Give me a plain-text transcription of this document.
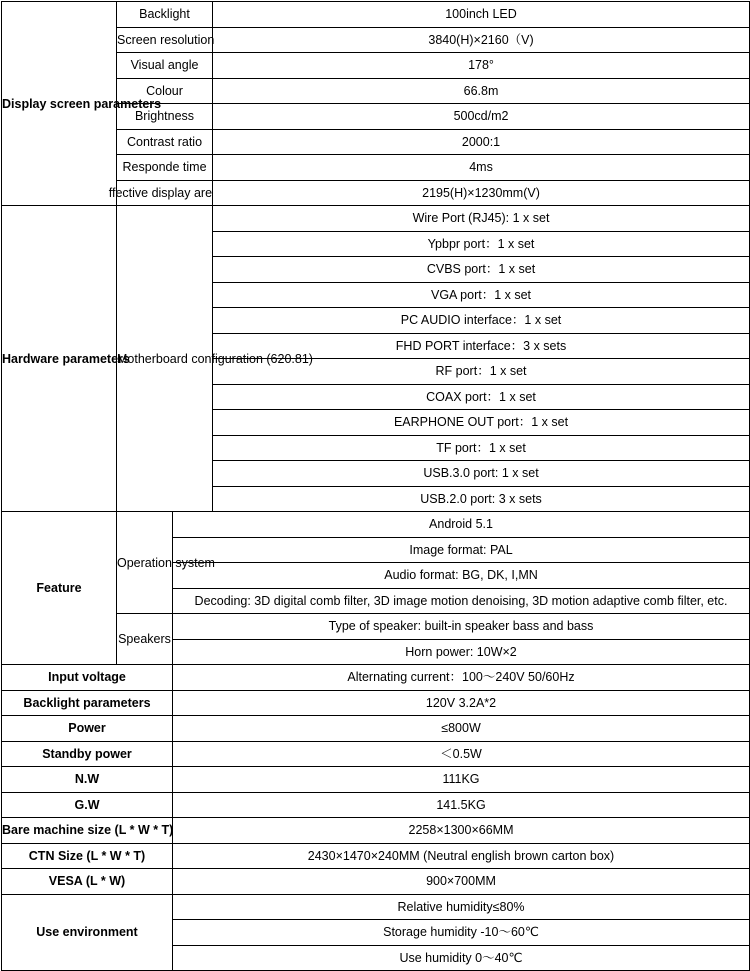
Display screen parameters	Backlight		100inch LED
	Screen resolution		3840(H)×2160（V)
	Visual angle		178°
	Colour		66.8m
	Brightness		500cd/m2
	Contrast ratio		2000:1
	Responde time		4ms
	ffective display are		2195(H)×1230mm(V)
Hardware parameters	Motherboard configuration (620.81)		Wire Port (RJ45): 1 x set
			Ypbpr port：1 x set
			CVBS port：1 x set
			VGA port：1 x set
			PC AUDIO interface：1 x set
			FHD PORT interface：3 x sets
			RF port：1 x set
			COAX port：1 x set
			EARPHONE OUT port：1 x set
			TF port：1 x set
			USB.3.0 port: 1 x set
			USB.2.0 port: 3 x sets
Feature	Operation system	Android 5.1	
		Image format: PAL	
		Audio format: BG, DK, I,MN	
		Decoding: 3D digital comb filter, 3D image motion denoising, 3D motion adaptive comb filter, etc.	
	Speakers	Type of speaker: built-in speaker bass and bass	
		Horn power: 10W×2	
Input voltage		Alternating current：100～240V 50/60Hz	
Backlight parameters		120V 3.2A*2	
Power		≤800W	
Standby power		＜0.5W	
N.W		111KG	
G.W		141.5KG	
Bare machine size (L * W * T)		2258×1300×66MM	
CTN Size (L * W * T)		2430×1470×240MM (Neutral english brown carton box)	
VESA (L * W)		900×700MM	
Use environment		Relative humidity≤80%	
		Storage humidity -10～60℃	
		Use humidity 0～40℃	
